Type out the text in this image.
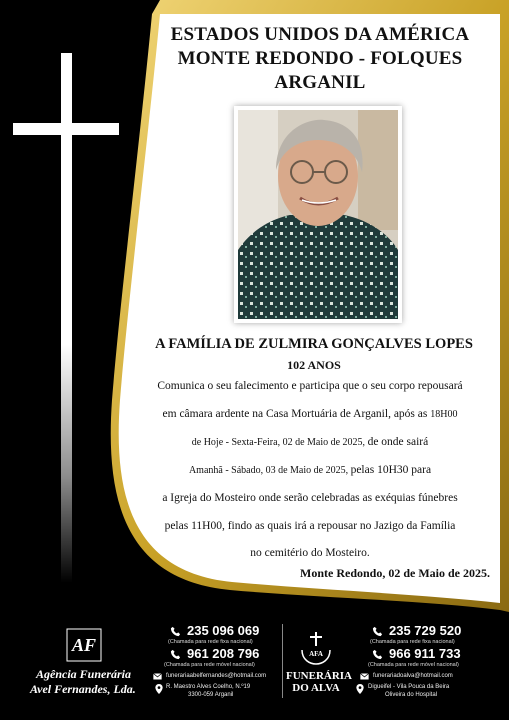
ESTADOS UNIDOS DA AMÉRICA
MONTE REDONDO - FOLQUES
ARGANIL
A FAMÍLIA DE ZULMIRA GONÇALVES LOPES
102 ANOS
Comunica o seu falecimento e participa que o seu corpo repousará
em câmara ardente na Casa Mortuária de Arganil, após as 18H00
de Hoje - Sexta-Feira, 02 de Maio de 2025, de onde sairá
Amanhã - Sábado, 03 de Maio de 2025, pelas 10H30 para
a Igreja do Mosteiro onde serão celebradas as exéquias fúnebres
pelas 11H00, findo as quais irá a repousar no Jazigo da Família
no cemitério do Mosteiro.
Monte Redondo, 02 de Maio de 2025.
AF
Agência Funerária
Avel Fernandes, Lda.
235 096 069
(Chamada para rede fixa nacional)
961 208 796
(Chamada para rede móvel nacional)
funerariaabelfernandes@hotmail.com
R. Maestro Alves Coelho, N.º19
3300-059 Arganil
AFA
FUNERÁRIA
DO ALVA
235 729 520
(Chamada para rede fixa nacional)
966 911 733
(Chamada para rede móvel nacional)
funerariadoalva@hotmail.com
Digueifel - Vila Pouca da Beira
Oliveira do Hospital
